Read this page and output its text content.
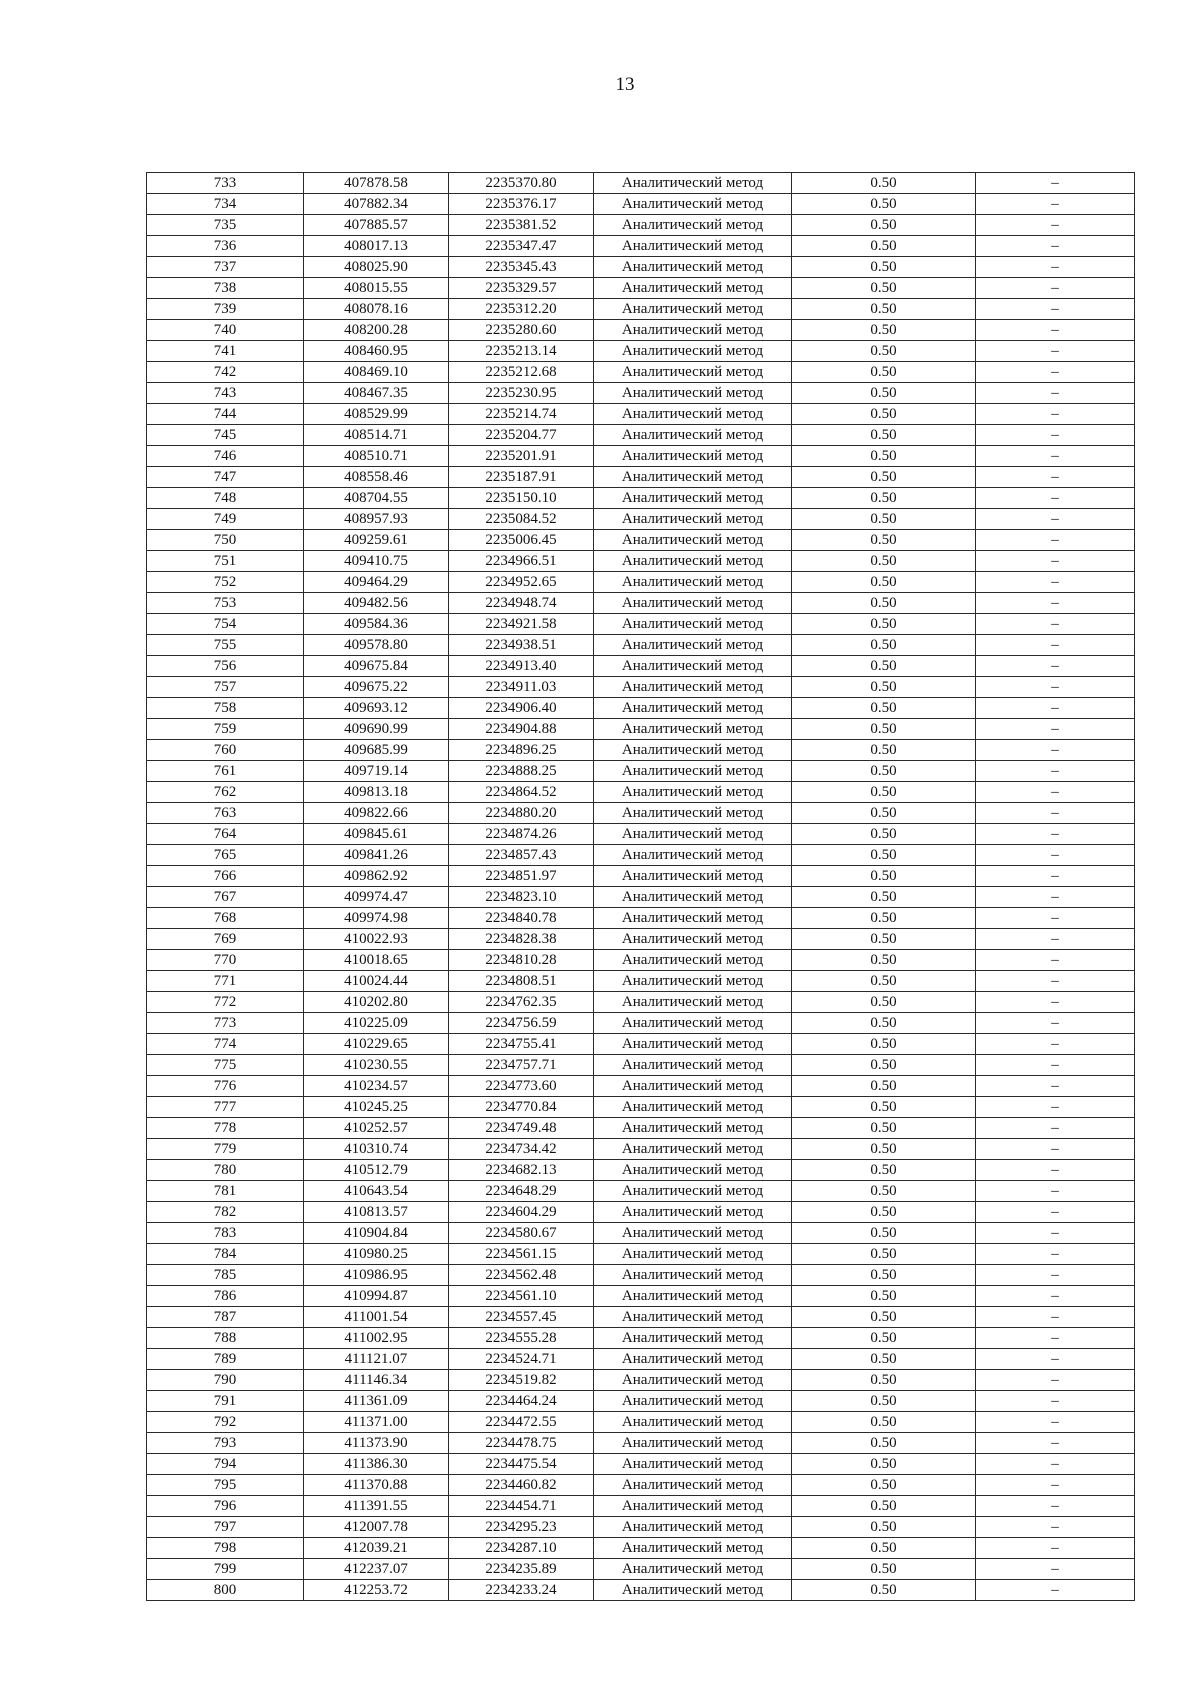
13
733	407878.58	2235370.80	Аналитический метод	0.50	–
734	407882.34	2235376.17	Аналитический метод	0.50	–
735	407885.57	2235381.52	Аналитический метод	0.50	–
736	408017.13	2235347.47	Аналитический метод	0.50	–
737	408025.90	2235345.43	Аналитический метод	0.50	–
738	408015.55	2235329.57	Аналитический метод	0.50	–
739	408078.16	2235312.20	Аналитический метод	0.50	–
740	408200.28	2235280.60	Аналитический метод	0.50	–
741	408460.95	2235213.14	Аналитический метод	0.50	–
742	408469.10	2235212.68	Аналитический метод	0.50	–
743	408467.35	2235230.95	Аналитический метод	0.50	–
744	408529.99	2235214.74	Аналитический метод	0.50	–
745	408514.71	2235204.77	Аналитический метод	0.50	–
746	408510.71	2235201.91	Аналитический метод	0.50	–
747	408558.46	2235187.91	Аналитический метод	0.50	–
748	408704.55	2235150.10	Аналитический метод	0.50	–
749	408957.93	2235084.52	Аналитический метод	0.50	–
750	409259.61	2235006.45	Аналитический метод	0.50	–
751	409410.75	2234966.51	Аналитический метод	0.50	–
752	409464.29	2234952.65	Аналитический метод	0.50	–
753	409482.56	2234948.74	Аналитический метод	0.50	–
754	409584.36	2234921.58	Аналитический метод	0.50	–
755	409578.80	2234938.51	Аналитический метод	0.50	–
756	409675.84	2234913.40	Аналитический метод	0.50	–
757	409675.22	2234911.03	Аналитический метод	0.50	–
758	409693.12	2234906.40	Аналитический метод	0.50	–
759	409690.99	2234904.88	Аналитический метод	0.50	–
760	409685.99	2234896.25	Аналитический метод	0.50	–
761	409719.14	2234888.25	Аналитический метод	0.50	–
762	409813.18	2234864.52	Аналитический метод	0.50	–
763	409822.66	2234880.20	Аналитический метод	0.50	–
764	409845.61	2234874.26	Аналитический метод	0.50	–
765	409841.26	2234857.43	Аналитический метод	0.50	–
766	409862.92	2234851.97	Аналитический метод	0.50	–
767	409974.47	2234823.10	Аналитический метод	0.50	–
768	409974.98	2234840.78	Аналитический метод	0.50	–
769	410022.93	2234828.38	Аналитический метод	0.50	–
770	410018.65	2234810.28	Аналитический метод	0.50	–
771	410024.44	2234808.51	Аналитический метод	0.50	–
772	410202.80	2234762.35	Аналитический метод	0.50	–
773	410225.09	2234756.59	Аналитический метод	0.50	–
774	410229.65	2234755.41	Аналитический метод	0.50	–
775	410230.55	2234757.71	Аналитический метод	0.50	–
776	410234.57	2234773.60	Аналитический метод	0.50	–
777	410245.25	2234770.84	Аналитический метод	0.50	–
778	410252.57	2234749.48	Аналитический метод	0.50	–
779	410310.74	2234734.42	Аналитический метод	0.50	–
780	410512.79	2234682.13	Аналитический метод	0.50	–
781	410643.54	2234648.29	Аналитический метод	0.50	–
782	410813.57	2234604.29	Аналитический метод	0.50	–
783	410904.84	2234580.67	Аналитический метод	0.50	–
784	410980.25	2234561.15	Аналитический метод	0.50	–
785	410986.95	2234562.48	Аналитический метод	0.50	–
786	410994.87	2234561.10	Аналитический метод	0.50	–
787	411001.54	2234557.45	Аналитический метод	0.50	–
788	411002.95	2234555.28	Аналитический метод	0.50	–
789	411121.07	2234524.71	Аналитический метод	0.50	–
790	411146.34	2234519.82	Аналитический метод	0.50	–
791	411361.09	2234464.24	Аналитический метод	0.50	–
792	411371.00	2234472.55	Аналитический метод	0.50	–
793	411373.90	2234478.75	Аналитический метод	0.50	–
794	411386.30	2234475.54	Аналитический метод	0.50	–
795	411370.88	2234460.82	Аналитический метод	0.50	–
796	411391.55	2234454.71	Аналитический метод	0.50	–
797	412007.78	2234295.23	Аналитический метод	0.50	–
798	412039.21	2234287.10	Аналитический метод	0.50	–
799	412237.07	2234235.89	Аналитический метод	0.50	–
800	412253.72	2234233.24	Аналитический метод	0.50	–
